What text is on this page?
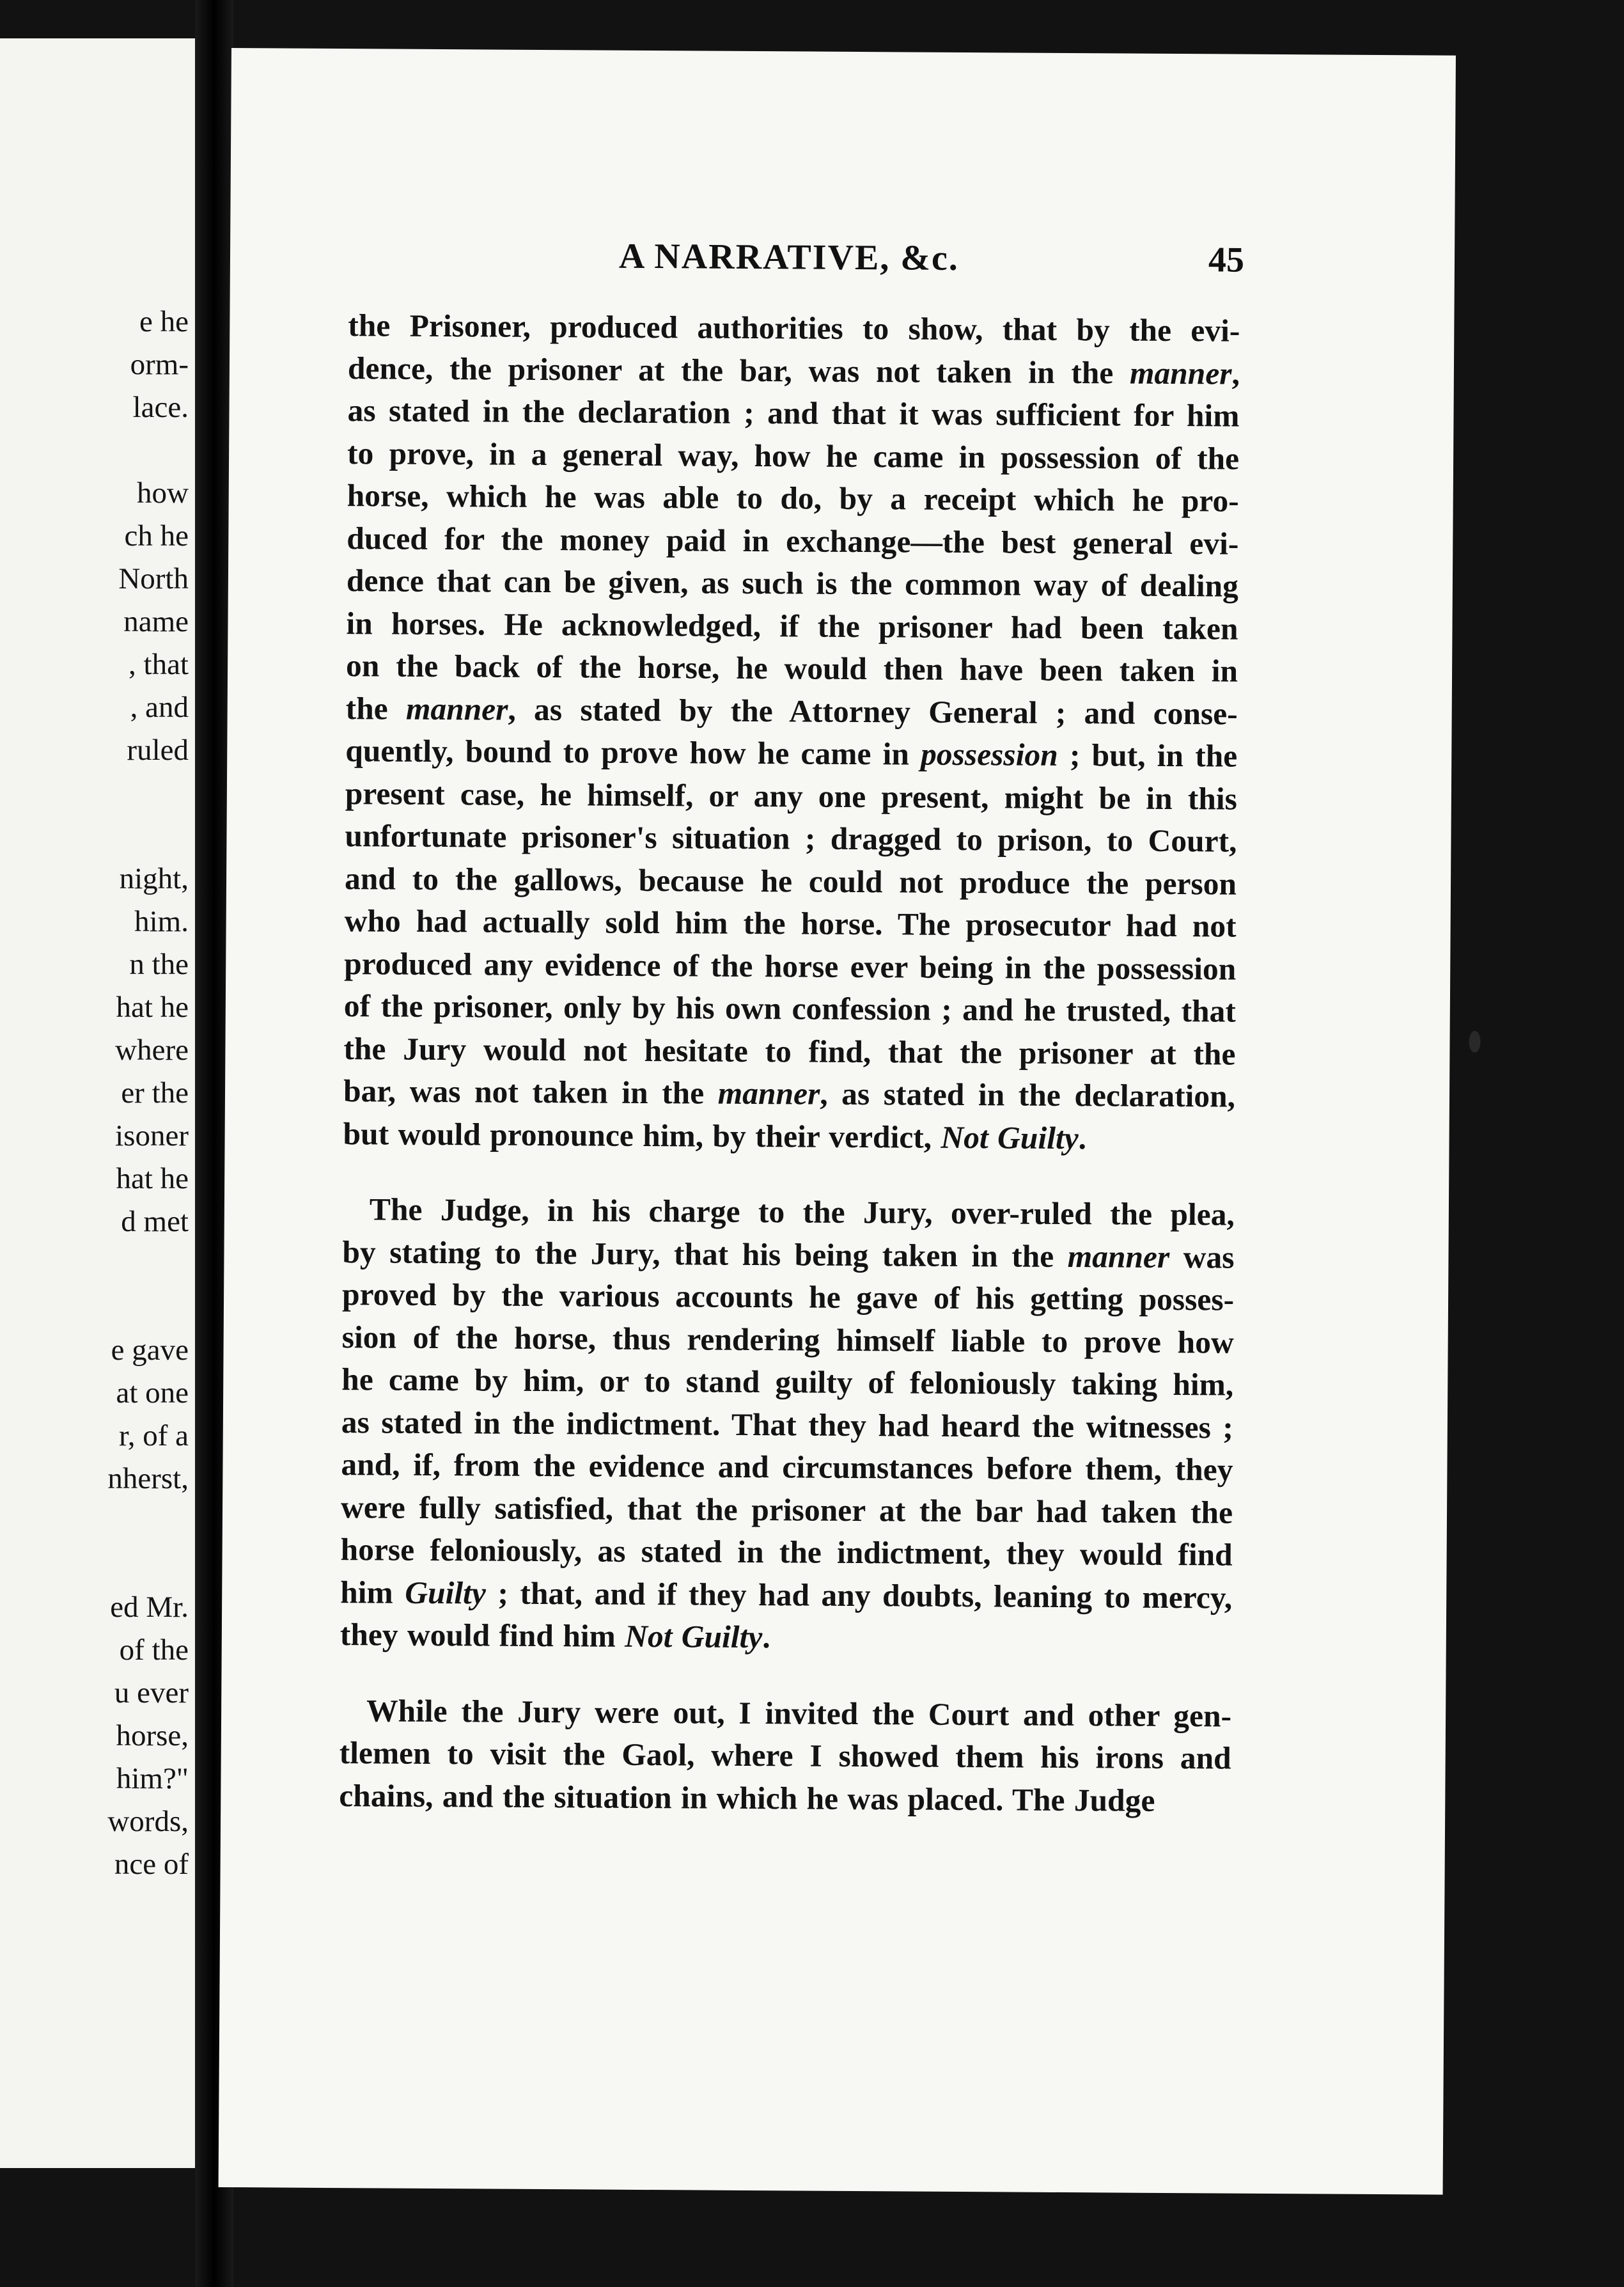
e he
orm-
lace.
how
ch he
North
name
, that
, and
ruled
night,
him.
n the
hat he
where
er the
isoner
hat he
d met
e gave
at one
r, of a
nherst,
ed Mr.
of the
u ever
horse,
him?"
words,
nce of
A NARRATIVE, &c.	45
the Prisoner, produced authorities to show, that by the evi-
dence, the prisoner at the bar, was not taken in the manner,
as stated in the declaration ; and that it was sufficient for him
to prove, in a general way, how he came in possession of the
horse, which he was able to do, by a receipt which he pro-
duced for the money paid in exchange—the best general evi-
dence that can be given, as such is the common way of dealing
in horses. He acknowledged, if the prisoner had been taken
on the back of the horse, he would then have been taken in
the manner, as stated by the Attorney General ; and conse-
quently, bound to prove how he came in possession ; but, in the
present case, he himself, or any one present, might be in this
unfortunate prisoner's situation ; dragged to prison, to Court,
and to the gallows, because he could not produce the person
who had actually sold him the horse. The prosecutor had not
produced any evidence of the horse ever being in the possession
of the prisoner, only by his own confession ; and he trusted, that
the Jury would not hesitate to find, that the prisoner at the
bar, was not taken in the manner, as stated in the declaration,
but would pronounce him, by their verdict, Not Guilty.
The Judge, in his charge to the Jury, over-ruled the plea,
by stating to the Jury, that his being taken in the manner was
proved by the various accounts he gave of his getting posses-
sion of the horse, thus rendering himself liable to prove how
he came by him, or to stand guilty of feloniously taking him,
as stated in the indictment. That they had heard the witnesses ;
and, if, from the evidence and circumstances before them, they
were fully satisfied, that the prisoner at the bar had taken the
horse feloniously, as stated in the indictment, they would find
him Guilty ; that, and if they had any doubts, leaning to mercy,
they would find him Not Guilty.
While the Jury were out, I invited the Court and other gen-
tlemen to visit the Gaol, where I showed them his irons and
chains, and the situation in which he was placed. The Judge
